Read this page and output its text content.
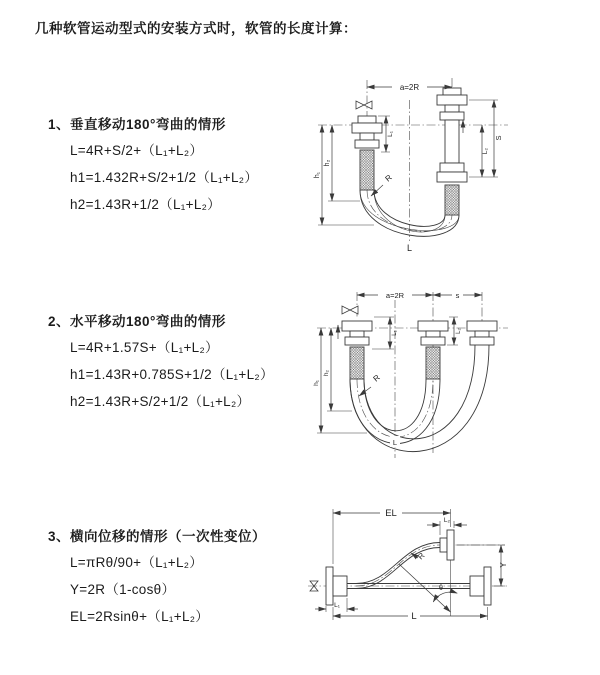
几种软管运动型式的安装方式时，软管的长度计算：
1、垂直移动180°弯曲的情形

L=4R+S/2+（L₁+L₂）

h1=1.432R+S/2+1/2（L₁+L₂）

h2=1.43R+1/2（L₁+L₂）

2、水平移动180°弯曲的情形

L=4R+1.57S+（L₁+L₂）

h1=1.43R+0.785S+1/2（L₁+L₂）

h2=1.43R+S/2+1/2（L₁+L₂）

3、横向位移的情形（一次性变位）

L=πRθ/90+（L₁+L₂）

Y=2R（1-cosθ）

EL=2Rsinθ+（L₁+L₂）

a=2R
S
L₂
h₁
h₂
L₁
R
L
a=2R	s
h₁
h₂
L₁	L₂
R
L
EL
L₂
Y
L
L₁
θ
R
